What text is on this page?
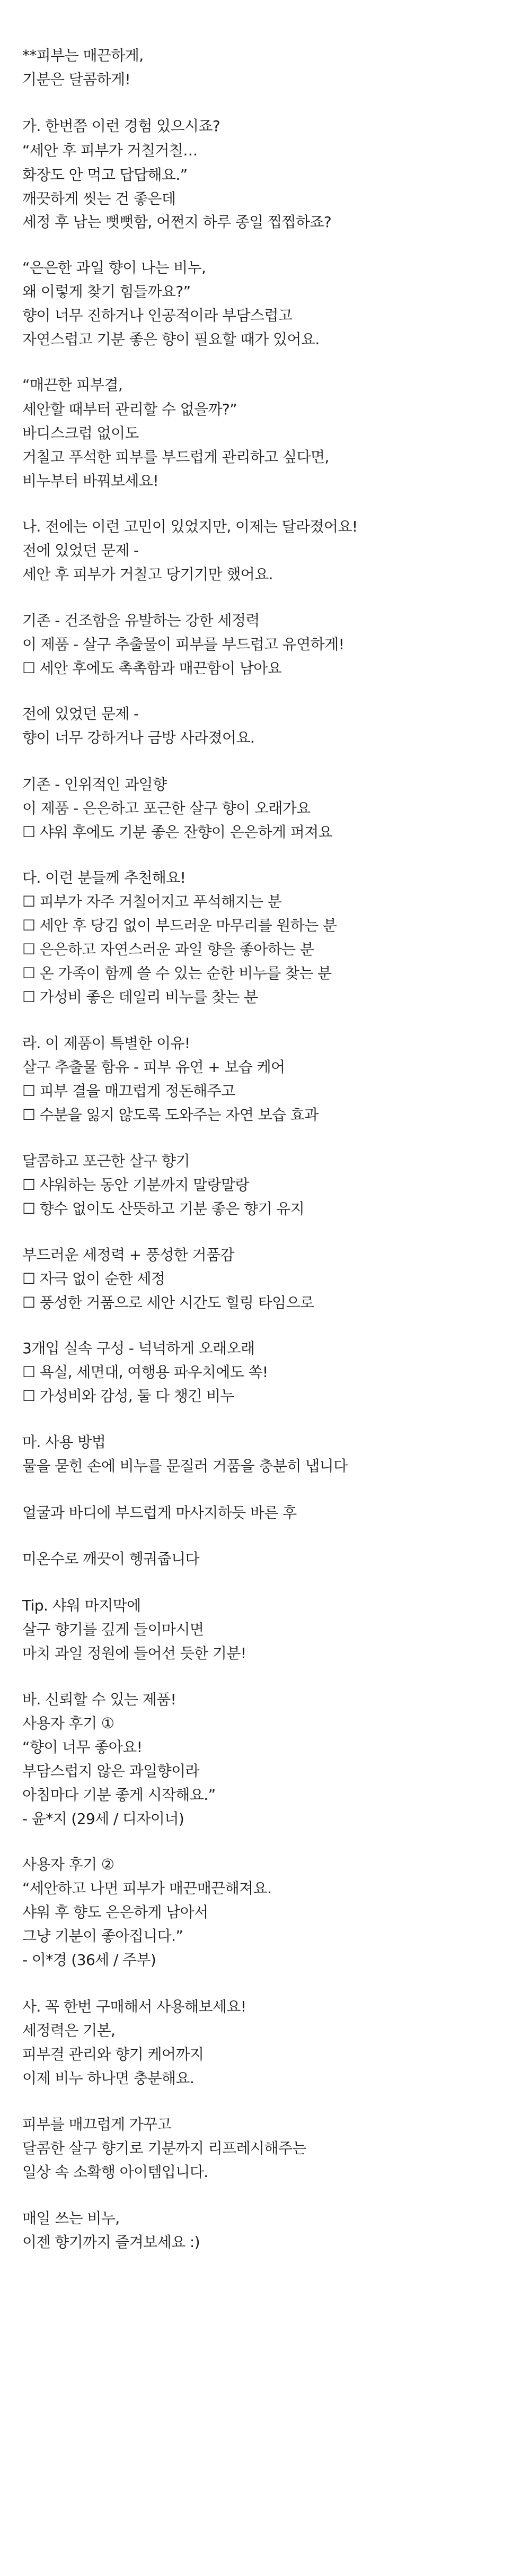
**피부는 매끈하게,
기분은 달콤하게!
가. 한번쯤 이런 경험 있으시죠?
“세안 후 피부가 거칠거칠…
화장도 안 먹고 답답해요.”
깨끗하게 씻는 건 좋은데
세정 후 남는 뻣뻣함, 어쩐지 하루 종일 찝찝하죠?
“은은한 과일 향이 나는 비누,
왜 이렇게 찾기 힘들까요?”
향이 너무 진하거나 인공적이라 부담스럽고
자연스럽고 기분 좋은 향이 필요할 때가 있어요.
“매끈한 피부결,
세안할 때부터 관리할 수 없을까?”
바디스크럽 없이도
거칠고 푸석한 피부를 부드럽게 관리하고 싶다면,
비누부터 바꿔보세요!
나. 전에는 이런 고민이 있었지만, 이제는 달라졌어요!
전에 있었던 문제 -
세안 후 피부가 거칠고 당기기만 했어요.
기존 - 건조함을 유발하는 강한 세정력
이 제품 - 살구 추출물이 피부를 부드럽고 유연하게!
☐ 세안 후에도 촉촉함과 매끈함이 남아요
전에 있었던 문제 -
향이 너무 강하거나 금방 사라졌어요.
기존 - 인위적인 과일향
이 제품 - 은은하고 포근한 살구 향이 오래가요
☐ 샤워 후에도 기분 좋은 잔향이 은은하게 퍼져요
다. 이런 분들께 추천해요!
☐ 피부가 자주 거칠어지고 푸석해지는 분
☐ 세안 후 당김 없이 부드러운 마무리를 원하는 분
☐ 은은하고 자연스러운 과일 향을 좋아하는 분
☐ 온 가족이 함께 쓸 수 있는 순한 비누를 찾는 분
☐ 가성비 좋은 데일리 비누를 찾는 분
라. 이 제품이 특별한 이유!
살구 추출물 함유 - 피부 유연 + 보습 케어
☐ 피부 결을 매끄럽게 정돈해주고
☐ 수분을 잃지 않도록 도와주는 자연 보습 효과
달콤하고 포근한 살구 향기
☐ 샤워하는 동안 기분까지 말랑말랑
☐ 향수 없이도 산뜻하고 기분 좋은 향기 유지
부드러운 세정력 + 풍성한 거품감
☐ 자극 없이 순한 세정
☐ 풍성한 거품으로 세안 시간도 힐링 타임으로
3개입 실속 구성 - 넉넉하게 오래오래
☐ 욕실, 세면대, 여행용 파우치에도 쏙!
☐ 가성비와 감성, 둘 다 챙긴 비누
마. 사용 방법
물을 묻힌 손에 비누를 문질러 거품을 충분히 냅니다
얼굴과 바디에 부드럽게 마사지하듯 바른 후
미온수로 깨끗이 헹궈줍니다
Tip. 샤워 마지막에
살구 향기를 깊게 들이마시면
마치 과일 정원에 들어선 듯한 기분!
바. 신뢰할 수 있는 제품!
사용자 후기 ①
“향이 너무 좋아요!
부담스럽지 않은 과일향이라
아침마다 기분 좋게 시작해요.”
- 윤*지 (29세 / 디자이너)
사용자 후기 ②
“세안하고 나면 피부가 매끈매끈해져요.
샤워 후 향도 은은하게 남아서
그냥 기분이 좋아집니다.”
- 이*경 (36세 / 주부)
사. 꼭 한번 구매해서 사용해보세요!
세정력은 기본,
피부결 관리와 향기 케어까지
이제 비누 하나면 충분해요.
피부를 매끄럽게 가꾸고
달콤한 살구 향기로 기분까지 리프레시해주는
일상 속 소확행 아이템입니다.
매일 쓰는 비누,
이젠 향기까지 즐겨보세요 :)
